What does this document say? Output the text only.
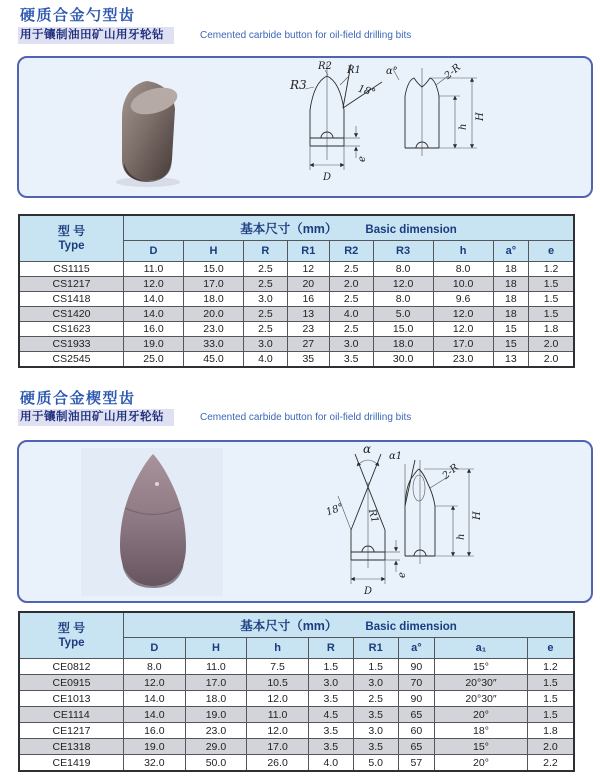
硬质合金勺型齿
用于镶制油田矿山用牙轮钻	Cemented carbide button for oil-field drilling bits
18°
R2 R1
R3
e
D
α°	2-R
H
h
型 号
Type	基本尺寸（mm） Basic dimension								
	D	H	R	R1	R2	R3	h	a°	e
CS1115	11.0	15.0	2.5	12	2.5	8.0	8.0	18	1.2
CS1217	12.0	17.0	2.5	20	2.0	12.0	10.0	18	1.5
CS1418	14.0	18.0	3.0	16	2.5	8.0	9.6	18	1.5
CS1420	14.0	20.0	2.5	13	4.0	5.0	12.0	18	1.5
CS1623	16.0	23.0	2.5	23	2.5	15.0	12.0	15	1.8
CS1933	19.0	33.0	3.0	27	3.0	18.0	17.0	15	2.0
CS2545	25.0	45.0	4.0	35	3.5	30.0	23.0	13	2.0
硬质合金楔型齿
用于镶制油田矿山用牙轮钻	Cemented carbide button for oil-field drilling bits
α
18° R1
D
e
α1
2-R
H
h
型 号
Type	基本尺寸（mm） Basic dimension							
	D	H	h	R	R1	a°	a₁	e
CE0812	8.0	11.0	7.5	1.5	1.5	90	15°	1.2
CE0915	12.0	17.0	10.5	3.0	3.0	70	20°30″	1.5
CE1013	14.0	18.0	12.0	3.5	2.5	90	20°30″	1.5
CE1114	14.0	19.0	11.0	4.5	3.5	65	20°	1.5
CE1217	16.0	23.0	12.0	3.5	3.0	60	18°	1.8
CE1318	19.0	29.0	17.0	3.5	3.5	65	15°	2.0
CE1419	32.0	50.0	26.0	4.0	5.0	57	20°	2.2
